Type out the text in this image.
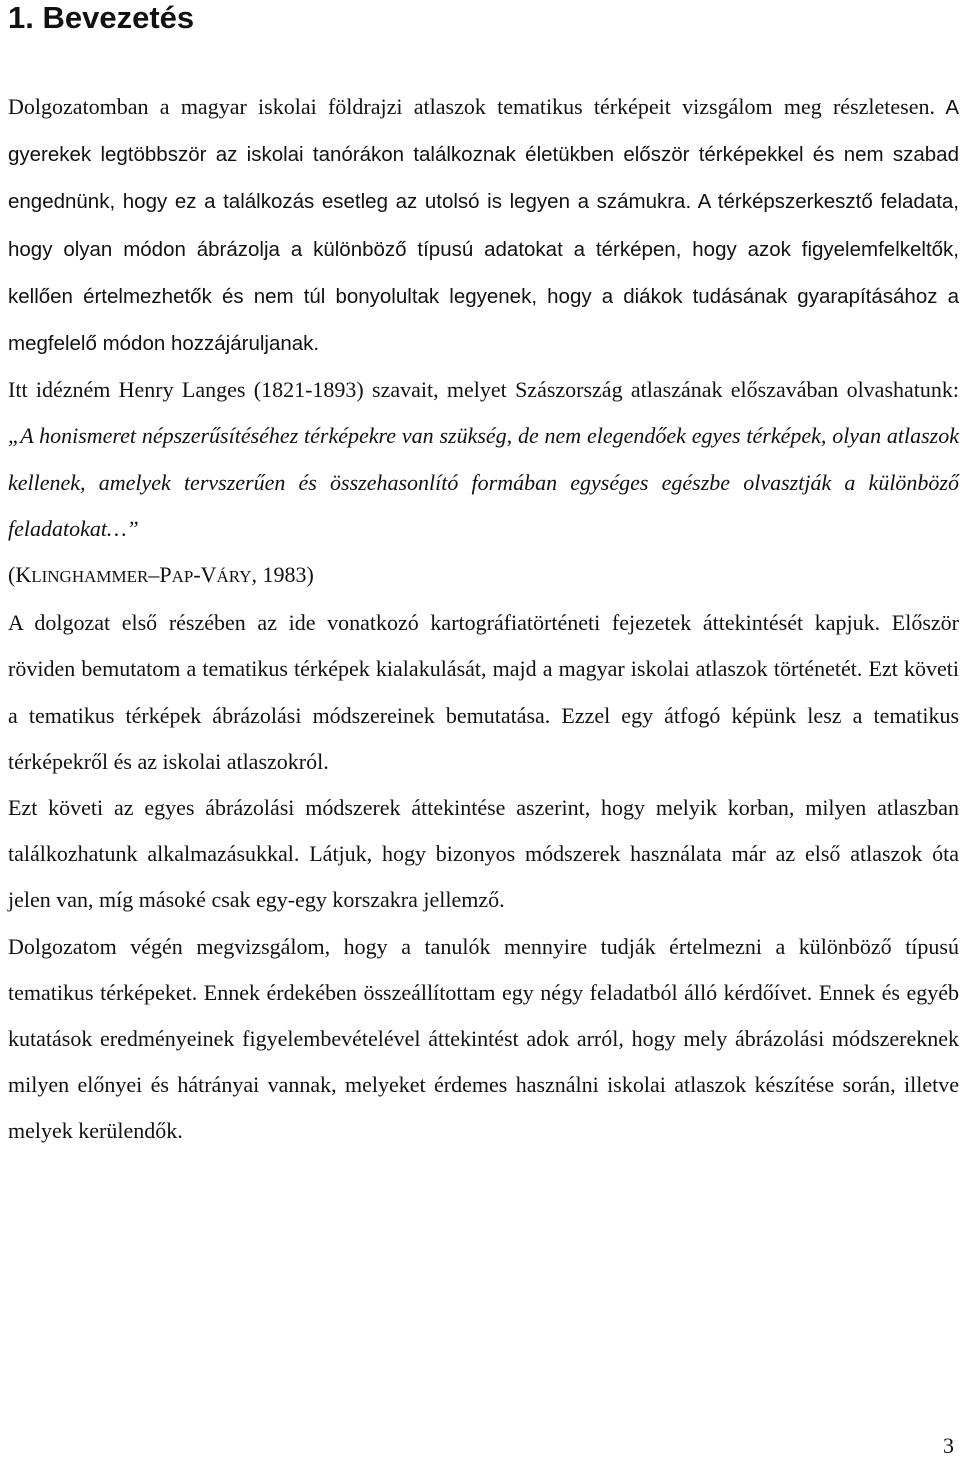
1. Bevezetés

Dolgozatomban a magyar iskolai földrajzi atlaszok tematikus térképeit vizsgálom meg részletesen. A gyerekek legtöbbször az iskolai tanórákon találkoznak életükben először térképekkel és nem szabad engednünk, hogy ez a találkozás esetleg az utolsó is legyen a számukra. A térképszerkesztő feladata, hogy olyan módon ábrázolja a különböző típusú adatokat a térképen, hogy azok figyelemfelkeltők, kellően értelmezhetők és nem túl bonyolultak legyenek, hogy a diákok tudásának gyarapításához a megfelelő módon hozzájáruljanak.

Itt idézném Henry Langes (1821-1893) szavait, melyet Szászország atlaszának előszavában olvashatunk: „A honismeret népszerűsítéséhez térképekre van szükség, de nem elegendőek egyes térképek, olyan atlaszok kellenek, amelyek tervszerűen és összehasonlító formában egységes egészbe olvasztják a különböző feladatokat…”
(KLINGHAMMER–PAP-VÁRY, 1983)

A dolgozat első részében az ide vonatkozó kartográfiatörténeti fejezetek áttekintését kapjuk. Először röviden bemutatom a tematikus térképek kialakulását, majd a magyar iskolai atlaszok történetét. Ezt követi a tematikus térképek ábrázolási módszereinek bemutatása. Ezzel egy átfogó képünk lesz a tematikus térképekről és az iskolai atlaszokról.

Ezt követi az egyes ábrázolási módszerek áttekintése aszerint, hogy melyik korban, milyen atlaszban találkozhatunk alkalmazásukkal. Látjuk, hogy bizonyos módszerek használata már az első atlaszok óta jelen van, míg másoké csak egy-egy korszakra jellemző.

Dolgozatom végén megvizsgálom, hogy a tanulók mennyire tudják értelmezni a különböző típusú tematikus térképeket. Ennek érdekében összeállítottam egy négy feladatból álló kérdőívet. Ennek és egyéb kutatások eredményeinek figyelembevételével áttekintést adok arról, hogy mely ábrázolási módszereknek milyen előnyei és hátrányai vannak, melyeket érdemes használni iskolai atlaszok készítése során, illetve melyek kerülendők.

3
